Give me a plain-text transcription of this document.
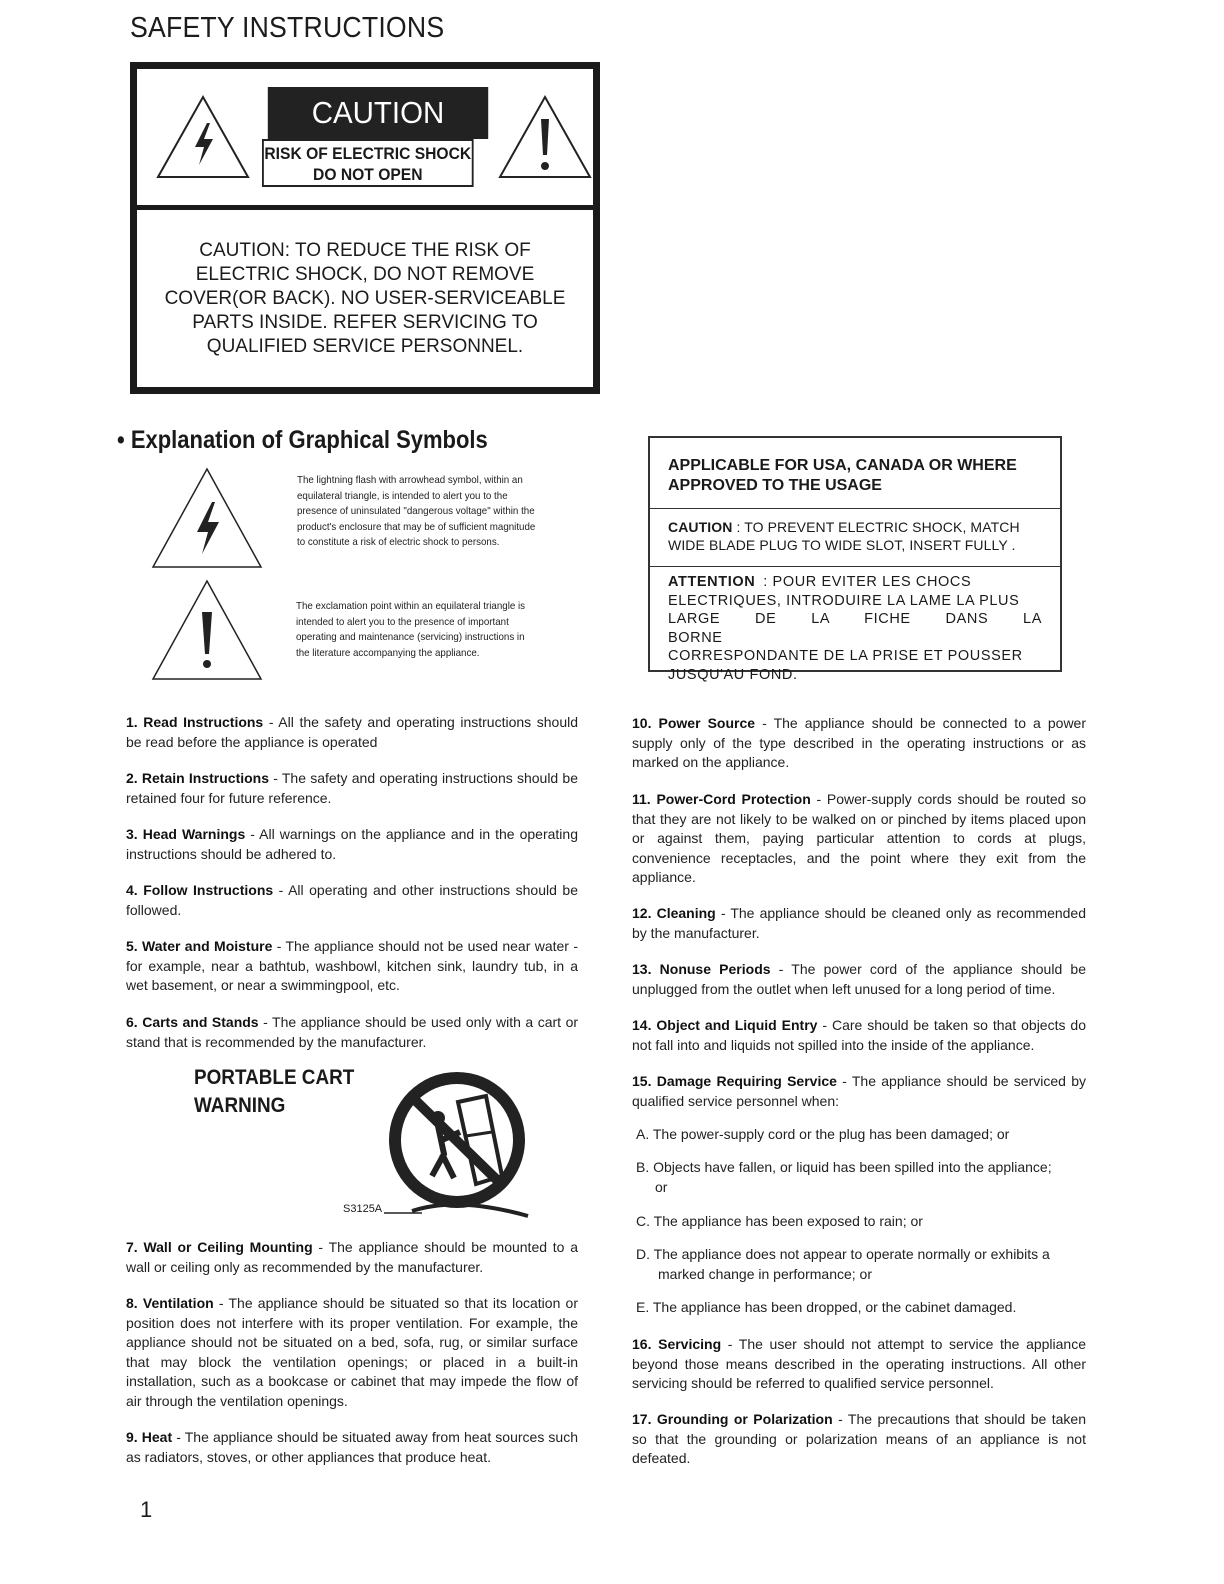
SAFETY INSTRUCTIONS
CAUTION
RISK OF ELECTRIC SHOCK
DO NOT OPEN
CAUTION: TO REDUCE THE RISK OF
ELECTRIC SHOCK, DO NOT REMOVE
COVER(OR BACK). NO USER-SERVICEABLE
PARTS INSIDE. REFER SERVICING TO
QUALIFIED SERVICE PERSONNEL.
• Explanation of Graphical Symbols
The lightning flash with arrowhead symbol, within an
equilateral triangle, is intended to alert you to the
presence of uninsulated "dangerous voltage" within the
product's enclosure that may be of sufficient magnitude
to constitute a risk of electric shock to persons.
The exclamation point within an equilateral triangle is
intended to alert you to the presence of important
operating and maintenance (servicing) instructions in
the literature accompanying the appliance.
APPLICABLE FOR USA, CANADA OR WHERE
APPROVED TO THE USAGE
CAUTION : TO PREVENT ELECTRIC SHOCK, MATCH
WIDE BLADE PLUG TO WIDE SLOT, INSERT FULLY .
ATTENTION : POUR EVITER LES CHOCS
ELECTRIQUES, INTRODUIRE LA LAME LA PLUS
LARGE DE LA FICHE DANS LA BORNE
CORRESPONDANTE DE LA PRISE ET POUSSER
JUSQU'AU FOND.
1. Read Instructions - All the safety and operating instructions should be read before the appliance is operated
2. Retain Instructions - The safety and operating instructions should be retained four for future reference.
3. Head Warnings - All warnings on the appliance and in the operating instructions should be adhered to.
4. Follow Instructions - All operating and other instructions should be followed.
5. Water and Moisture - The appliance should not be used near water - for example, near a bathtub, washbowl, kitchen sink, laundry tub, in a wet basement, or near a swimmingpool, etc.
6. Carts and Stands - The appliance should be used only with a cart or stand that is recommended by the manufacturer.
PORTABLE CART
WARNING
S3125A
7. Wall or Ceiling Mounting - The appliance should be mounted to a wall or ceiling only as recommended by the manufacturer.
8. Ventilation - The appliance should be situated so that its location or position does not interfere with its proper ventilation. For example, the appliance should not be situated on a bed, sofa, rug, or similar surface that may block the ventilation openings; or placed in a built-in installation, such as a bookcase or cabinet that may impede the flow of air through the ventilation openings.
9. Heat - The appliance should be situated away from heat sources such as radiators, stoves, or other appliances that produce heat.
10. Power Source - The appliance should be connected to a power supply only of the type described in the operating instructions or as marked on the appliance.
11. Power-Cord Protection - Power-supply cords should be routed so that they are not likely to be walked on or pinched by items placed upon or against them, paying particular attention to cords at plugs, convenience receptacles, and the point where they exit from the appliance.
12. Cleaning - The appliance should be cleaned only as recommended by the manufacturer.
13. Nonuse Periods - The power cord of the appliance should be unplugged from the outlet when left unused for a long period of time.
14. Object and Liquid Entry - Care should be taken so that objects do not fall into and liquids not spilled into the inside of the appliance.
15. Damage Requiring Service - The appliance should be serviced by qualified service personnel when:
A. The power-supply cord or the plug has been damaged; or
B. Objects have fallen, or liquid has been spilled into the appliance;
or
C. The appliance has been exposed to rain; or
D. The appliance does not appear to operate normally or exhibits a
marked change in performance; or
E. The appliance has been dropped, or the cabinet damaged.
16. Servicing - The user should not attempt to service the appliance beyond those means described in the operating instructions. All other servicing should be referred to qualified service personnel.
17. Grounding or Polarization - The precautions that should be taken so that the grounding or polarization means of an appliance is not defeated.
1
